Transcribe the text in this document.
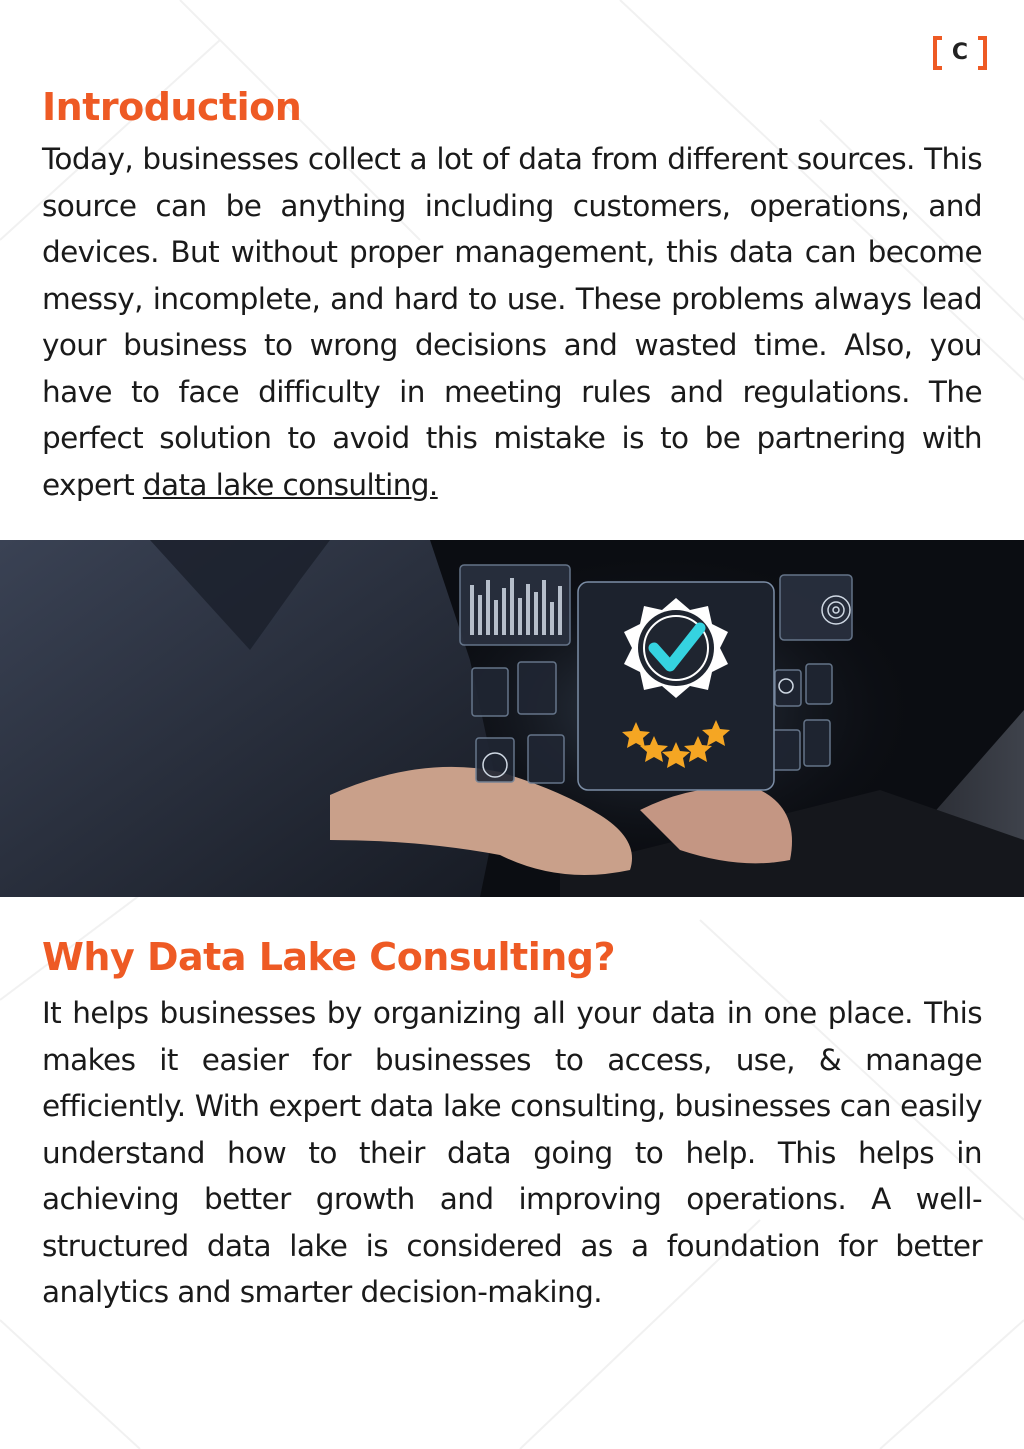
C
Introduction

Today, businesses collect a lot of data from different sources. This source can be anything including customers, operations, and devices. But without proper management, this data can become messy, incomplete, and hard to use. These problems always lead your business to wrong decisions and wasted time. Also, you have to face difficulty in meeting rules and regulations. The perfect solution to avoid this mistake is to be partnering with expert data lake consulting.

Why Data Lake Consulting?

It helps businesses by organizing all your data in one place. This makes it easier for businesses to access, use, & manage efficiently. With expert data lake consulting, businesses can easily understand how to their data going to help. This helps in achieving better growth and improving operations. A well-structured data lake is considered as a foundation for better analytics and smarter decision-making.
